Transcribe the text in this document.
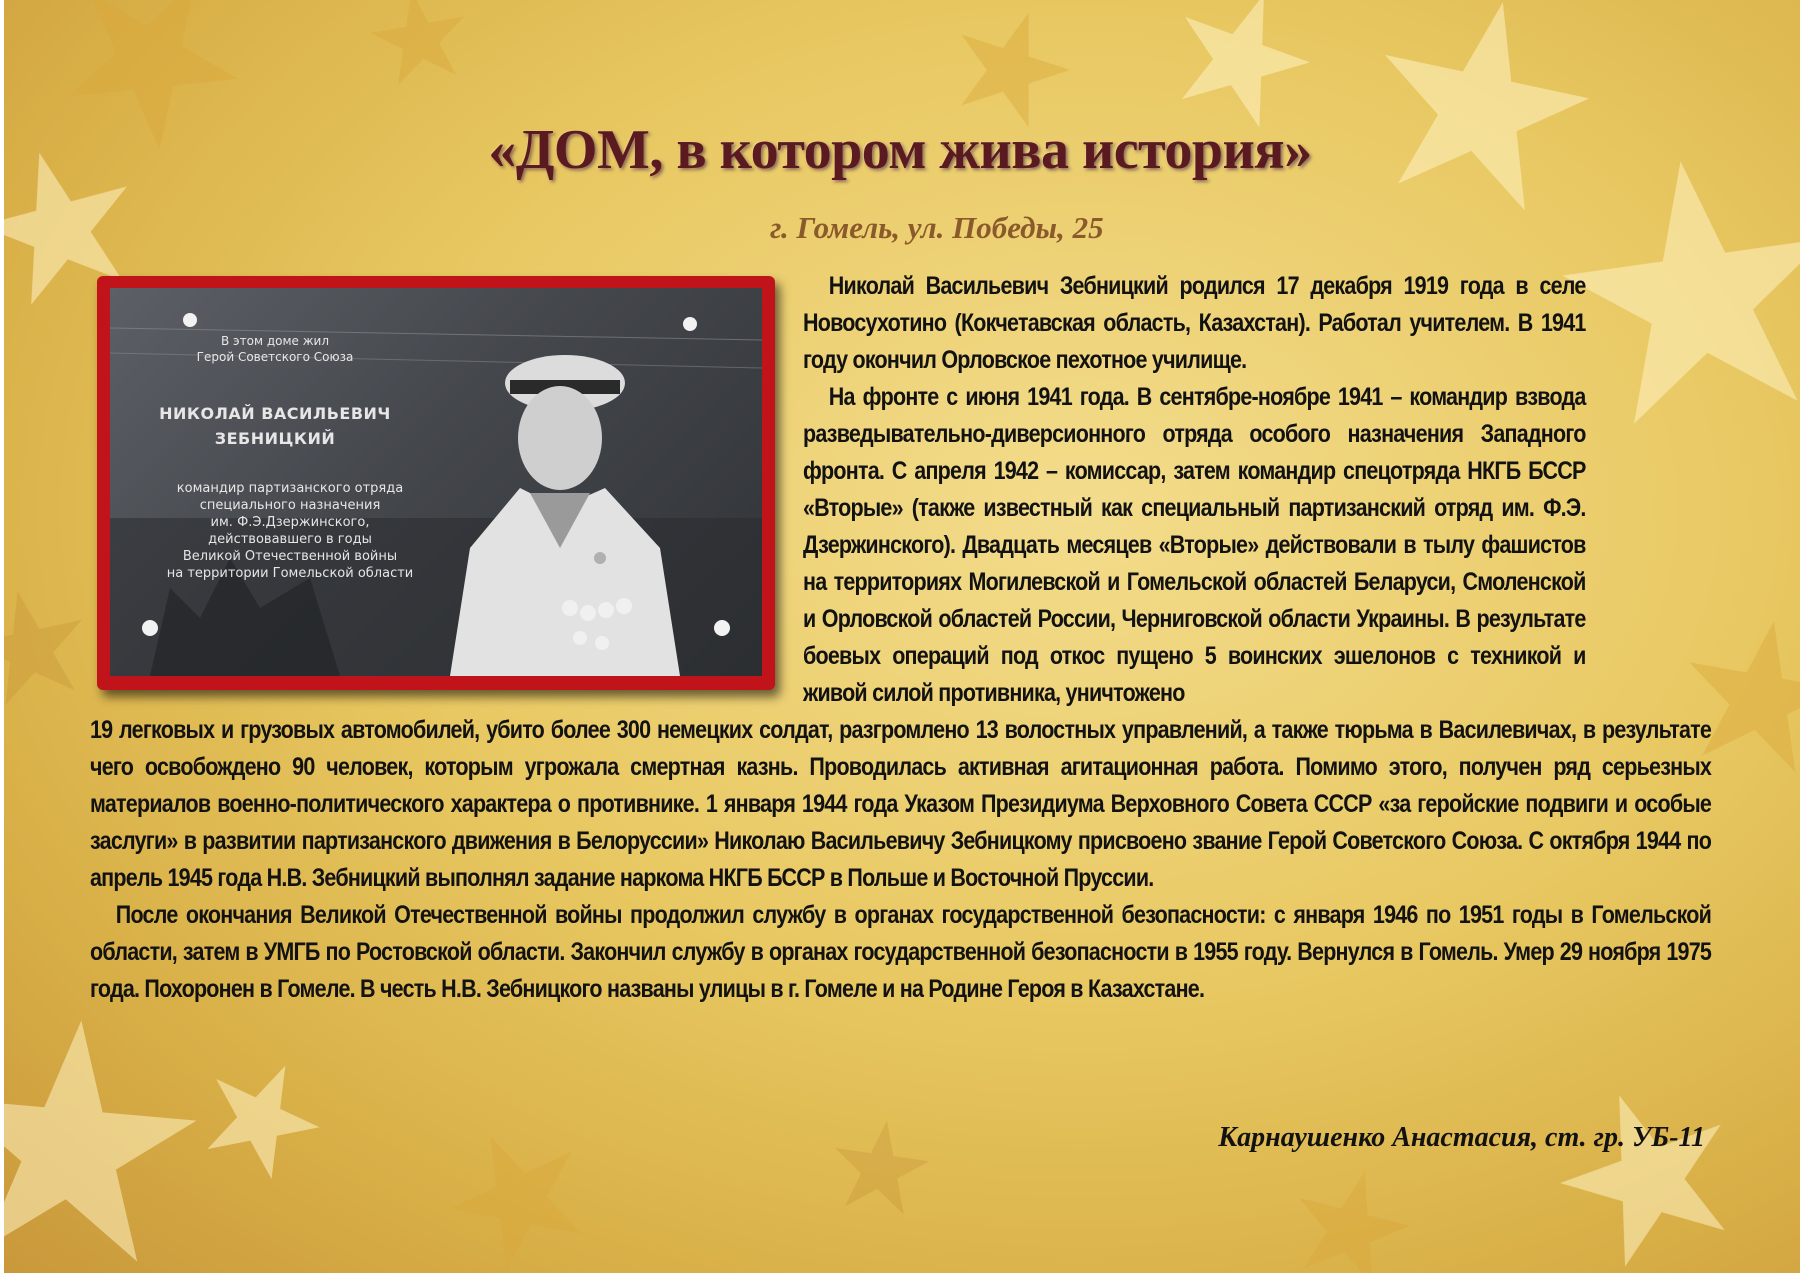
«ДОМ, в котором жива история»
г. Гомель, ул. Победы, 25
В этом доме жил
Герой Советского Союза
НИКОЛАЙ ВАСИЛЬЕВИЧ
ЗЕБНИЦКИЙ
командир партизанского отряда
специального назначения
им. Ф.Э.Дзержинского,
действовавшего в годы
Великой Отечественной войны
на территории Гомельской области

Николай Васильевич Зебницкий родился 17 декабря 1919 года в селе Новосухотино (Кокчетавская область, Казахстан). Работал учителем. В 1941 году окончил Орловское пехотное училище.

На фронте с июня 1941 года. В сентябре-ноябре 1941 – командир взвода разведывательно-диверсионного отряда особого назначения Западного фронта. С апреля 1942 – комиссар, затем командир спецотряда НКГБ БССР «Вторые» (также известный как специальный партизанский отряд им. Ф.Э. Дзержинского). Двадцать месяцев «Вторые» действовали в тылу фашистов на территориях Могилевской и Гомельской областей Беларуси, Смоленской и Орловской областей России, Черниговской области Украины. В результате боевых операций под откос пущено 5 воинских эшелонов с техникой и живой силой противника, уничтожено

19 легковых и грузовых автомобилей, убито более 300 немецких солдат, разгромлено 13 волостных управлений, а также тюрьма в Василевичах, в результате чего освобождено 90 человек, которым угрожала смертная казнь. Проводилась активная агитационная работа. Помимо этого, получен ряд серьезных материалов военно-политического характера о противнике. 1 января 1944 года Указом Президиума Верховного Совета СССР «за геройские подвиги и особые заслуги» в развитии партизанского движения в Белоруссии» Николаю Васильевичу Зебницкому присвоено звание Герой Советского Союза. С октября 1944 по апрель 1945 года Н.В. Зебницкий выполнял задание наркома НКГБ БССР в Польше и Восточной Пруссии.

После окончания Великой Отечественной войны продолжил службу в органах государственной безопасности: с января 1946 по 1951 годы в Гомельской области, затем в УМГБ по Ростовской области. Закончил службу в органах государственной безопасности в 1955 году. Вернулся в Гомель. Умер 29 ноября 1975 года. Похоронен в Гомеле. В честь Н.В. Зебницкого названы улицы в г. Гомеле и на Родине Героя в Казахстане.

Карнаушенко Анастасия, ст. гр. УБ-11
